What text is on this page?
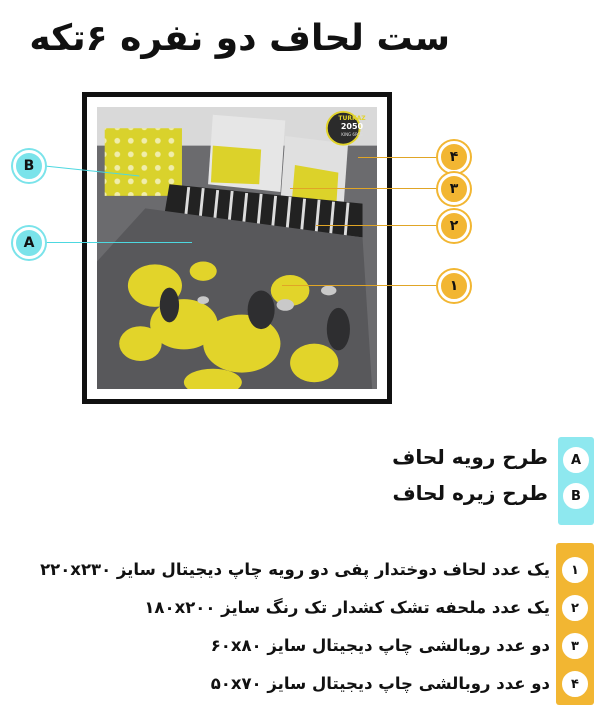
ست لحاف دو نفره ۶تکه
TURKAZ
2050
KING 6PCS
B
A
۴
۳
۲
۱
A
B
طرح رویه لحاف
طرح زیره لحاف
۱
۲
۳
۴
یک عدد لحاف دوختدار پفی دو رویه چاپ دیجیتال سایز ۲۲۰x۲۳۰
یک عدد ملحفه تشک کشدار تک رنگ سایز ۱۸۰x۲۰۰
دو عدد روبالشی چاپ دیجیتال سایز ۶۰x۸۰
دو عدد روبالشی چاپ دیجیتال سایز ۵۰x۷۰
